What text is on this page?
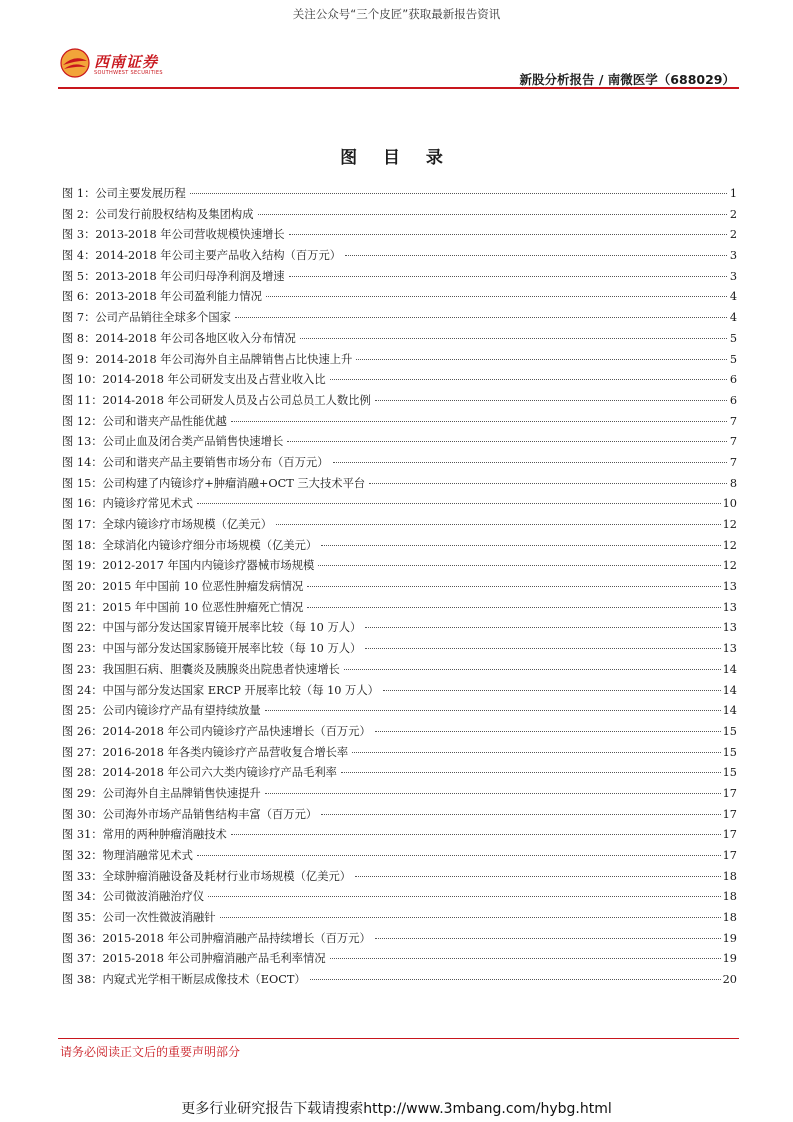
关注公众号“三个皮匠”获取最新报告资讯
西南证券
SOUTHWEST SECURITIES	新股分析报告 / 南微医学（688029）
图 目 录
图 1：公司主要发展历程	1
图 2：公司发行前股权结构及集团构成	2
图 3：2013-2018 年公司营收规模快速增长	2
图 4：2014-2018 年公司主要产品收入结构（百万元）	3
图 5：2013-2018 年公司归母净利润及增速	3
图 6：2013-2018 年公司盈利能力情况	4
图 7：公司产品销往全球多个国家	4
图 8：2014-2018 年公司各地区收入分布情况	5
图 9：2014-2018 年公司海外自主品牌销售占比快速上升	5
图 10：2014-2018 年公司研发支出及占营业收入比	6
图 11：2014-2018 年公司研发人员及占公司总员工人数比例	6
图 12：公司和谐夹产品性能优越	7
图 13：公司止血及闭合类产品销售快速增长	7
图 14：公司和谐夹产品主要销售市场分布（百万元）	7
图 15：公司构建了内镜诊疗+肿瘤消融+OCT 三大技术平台	8
图 16：内镜诊疗常见术式	10
图 17：全球内镜诊疗市场规模（亿美元）	12
图 18：全球消化内镜诊疗细分市场规模（亿美元）	12
图 19：2012-2017 年国内内镜诊疗器械市场规模	12
图 20：2015 年中国前 10 位恶性肿瘤发病情况	13
图 21：2015 年中国前 10 位恶性肿瘤死亡情况	13
图 22：中国与部分发达国家胃镜开展率比较（每 10 万人）	13
图 23：中国与部分发达国家肠镜开展率比较（每 10 万人）	13
图 23：我国胆石病、胆囊炎及胰腺炎出院患者快速增长	14
图 24：中国与部分发达国家 ERCP 开展率比较（每 10 万人）	14
图 25：公司内镜诊疗产品有望持续放量	14
图 26：2014-2018 年公司内镜诊疗产品快速增长（百万元）	15
图 27：2016-2018 年各类内镜诊疗产品营收复合增长率	15
图 28：2014-2018 年公司六大类内镜诊疗产品毛利率	15
图 29：公司海外自主品牌销售快速提升	17
图 30：公司海外市场产品销售结构丰富（百万元）	17
图 31：常用的两种肿瘤消融技术	17
图 32：物理消融常见术式	17
图 33：全球肿瘤消融设备及耗材行业市场规模（亿美元）	18
图 34：公司微波消融治疗仪	18
图 35：公司一次性微波消融针	18
图 36：2015-2018 年公司肿瘤消融产品持续增长（百万元）	19
图 37：2015-2018 年公司肿瘤消融产品毛利率情况	19
图 38：内窥式光学相干断层成像技术（EOCT）	20
请务必阅读正文后的重要声明部分
更多行业研究报告下载请搜索http://www.3mbang.com/hybg.html
